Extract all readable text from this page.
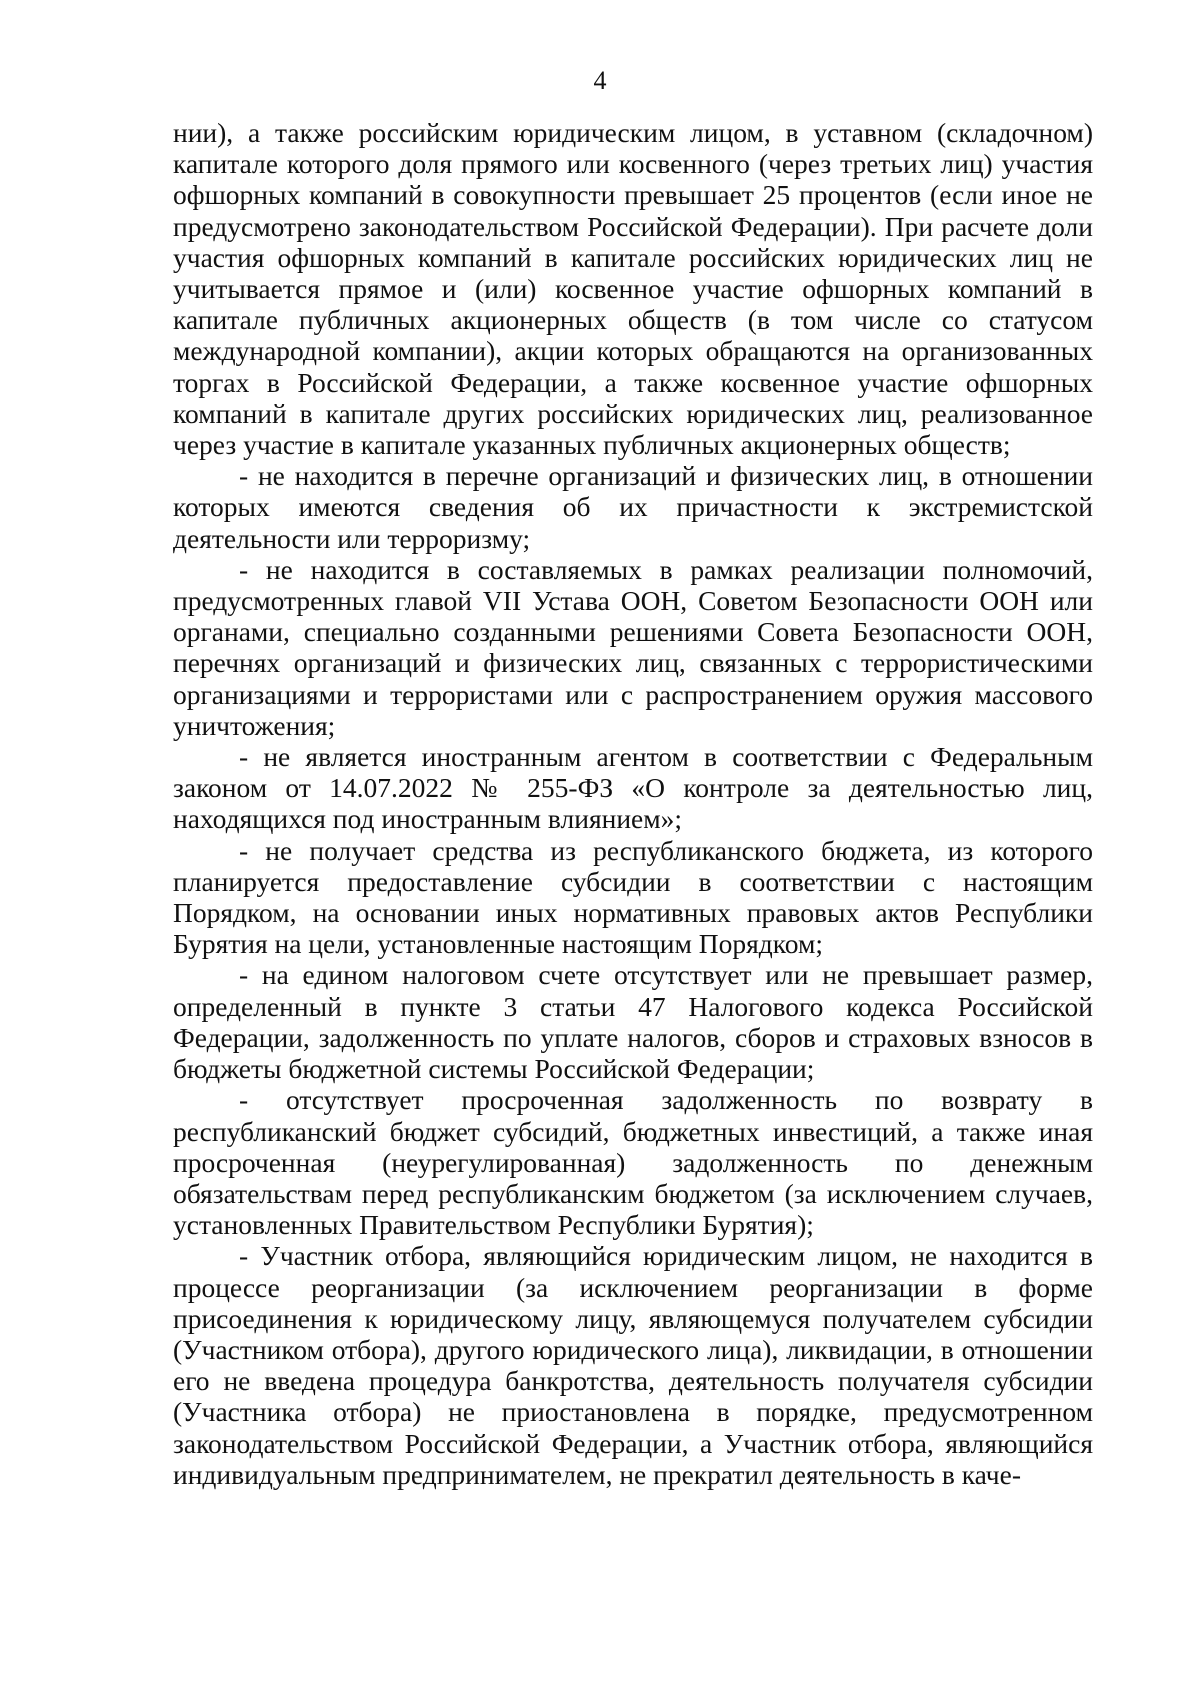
4

нии), а также российским юридическим лицом, в уставном (складочном) капитале которого доля прямого или косвенного (через третьих лиц) участия офшорных компаний в совокупности превышает 25 процентов (если иное не предусмотрено законодательством Российской Федерации). При расчете доли участия офшорных компаний в капитале российских юридических лиц не учитывается прямое и (или) косвенное участие офшорных компаний в капитале публичных акционерных обществ (в том числе со статусом международной компании), акции которых обращаются на организованных торгах в Российской Федерации, а также косвенное участие офшорных компаний в капитале других российских юридических лиц, реализованное через участие в капитале указанных публичных акционерных обществ;

- не находится в перечне организаций и физических лиц, в отношении которых имеются сведения об их причастности к экстремистской деятельности или терроризму;

- не находится в составляемых в рамках реализации полномочий, предусмотренных главой VII Устава ООН, Советом Безопасности ООН или органами, специально созданными решениями Совета Безопасности ООН, перечнях организаций и физических лиц, связанных с террористическими организациями и террористами или с распространением оружия массового уничтожения;

- не является иностранным агентом в соответствии с Федеральным законом от 14.07.2022 № 255-ФЗ «О контроле за деятельностью лиц, находящихся под иностранным влиянием»;

- не получает средства из республиканского бюджета, из которого планируется предоставление субсидии в соответствии с настоящим Порядком, на основании иных нормативных правовых актов Республики Бурятия на цели, установленные настоящим Порядком;

- на едином налоговом счете отсутствует или не превышает размер, определенный в пункте 3 статьи 47 Налогового кодекса Российской Федерации, задолженность по уплате налогов, сборов и страховых взносов в бюджеты бюджетной системы Российской Федерации;

- отсутствует просроченная задолженность по возврату в республиканский бюджет субсидий, бюджетных инвестиций, а также иная просроченная (неурегулированная) задолженность по денежным обязательствам перед республиканским бюджетом (за исключением случаев, установленных Правительством Республики Бурятия);

- Участник отбора, являющийся юридическим лицом, не находится в процессе реорганизации (за исключением реорганизации в форме присоединения к юридическому лицу, являющемуся получателем субсидии (Участником отбора), другого юридического лица), ликвидации, в отношении его не введена процедура банкротства, деятельность получателя субсидии (Участника отбора) не приостановлена в порядке, предусмотренном законодательством Российской Федерации, а Участник отбора, являющийся индивидуальным предпринимателем, не прекратил деятельность в каче-
